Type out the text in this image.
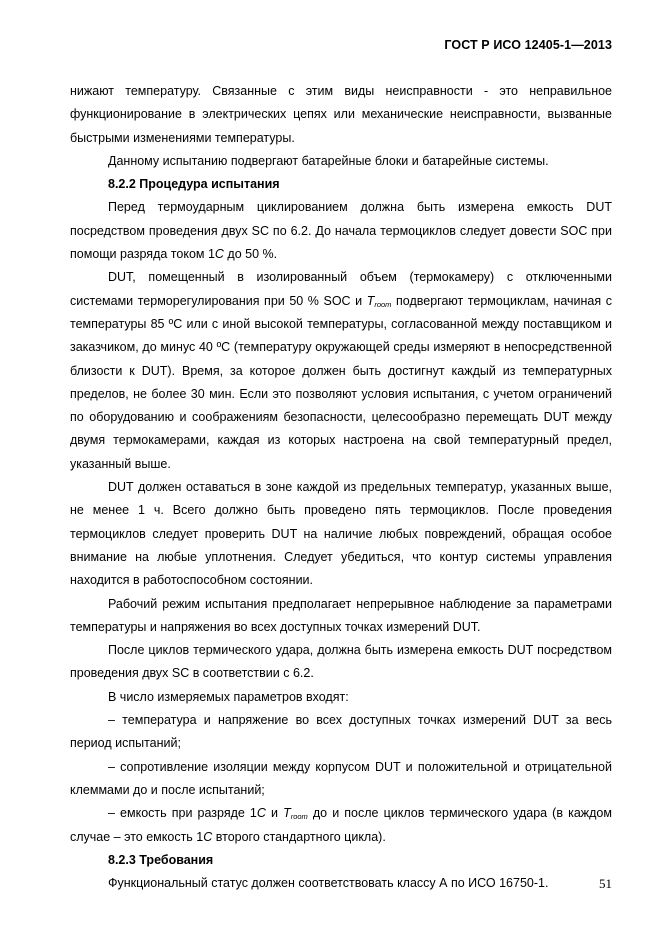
ГОСТ Р ИСО 12405-1—2013

нижают температуру. Связанные с этим виды неисправности - это неправильное функционирование в электрических цепях или механические неисправности, вызванные быстрыми изменениями температуры.

Данному испытанию подвергают батарейные блоки и батарейные системы.

8.2.2 Процедура испытания

Перед термоударным циклированием должна быть измерена емкость DUT посредством проведения двух SC по 6.2. До начала термоциклов следует довести SOC при помощи разряда током 1C до 50 %.

DUT, помещенный в изолированный объем (термокамеру) с отключенными системами терморегулирования при 50 % SOC и $T_{room}$ подвергают термоциклам, начиная с температуры 85 ºС или с иной высокой температуры, согласованной между поставщиком и заказчиком, до минус 40 ºС (температуру окружающей среды измеряют в непосредственной близости к DUT). Время, за которое должен быть достигнут каждый из температурных пределов, не более 30 мин. Если это позволяют условия испытания, с учетом ограничений по оборудованию и соображениям безопасности, целесообразно перемещать DUT между двумя термокамерами, каждая из которых настроена на свой температурный предел, указанный выше.

DUT должен оставаться в зоне каждой из предельных температур, указанных выше, не менее 1 ч. Всего должно быть проведено пять термоциклов. После проведения термоциклов следует проверить DUT на наличие любых повреждений, обращая особое внимание на любые уплотнения. Следует убедиться, что контур системы управления находится в работоспособном состоянии.

Рабочий режим испытания предполагает непрерывное наблюдение за параметрами температуры и напряжения во всех доступных точках измерений DUT.

После циклов термического удара, должна быть измерена емкость DUT посредством проведения двух SC в соответствии с 6.2.

В число измеряемых параметров входят:

– температура и напряжение во всех доступных точках измерений DUT за весь период испытаний;

– сопротивление изоляции между корпусом DUT и положительной и отрицательной клеммами до и после испытаний;

– емкость при разряде 1C и $T_{room}$ до и после циклов термического удара (в каждом случае – это емкость 1C второго стандартного цикла).

8.2.3 Требования

Функциональный статус должен соответствовать классу А по ИСО 16750-1.	51
